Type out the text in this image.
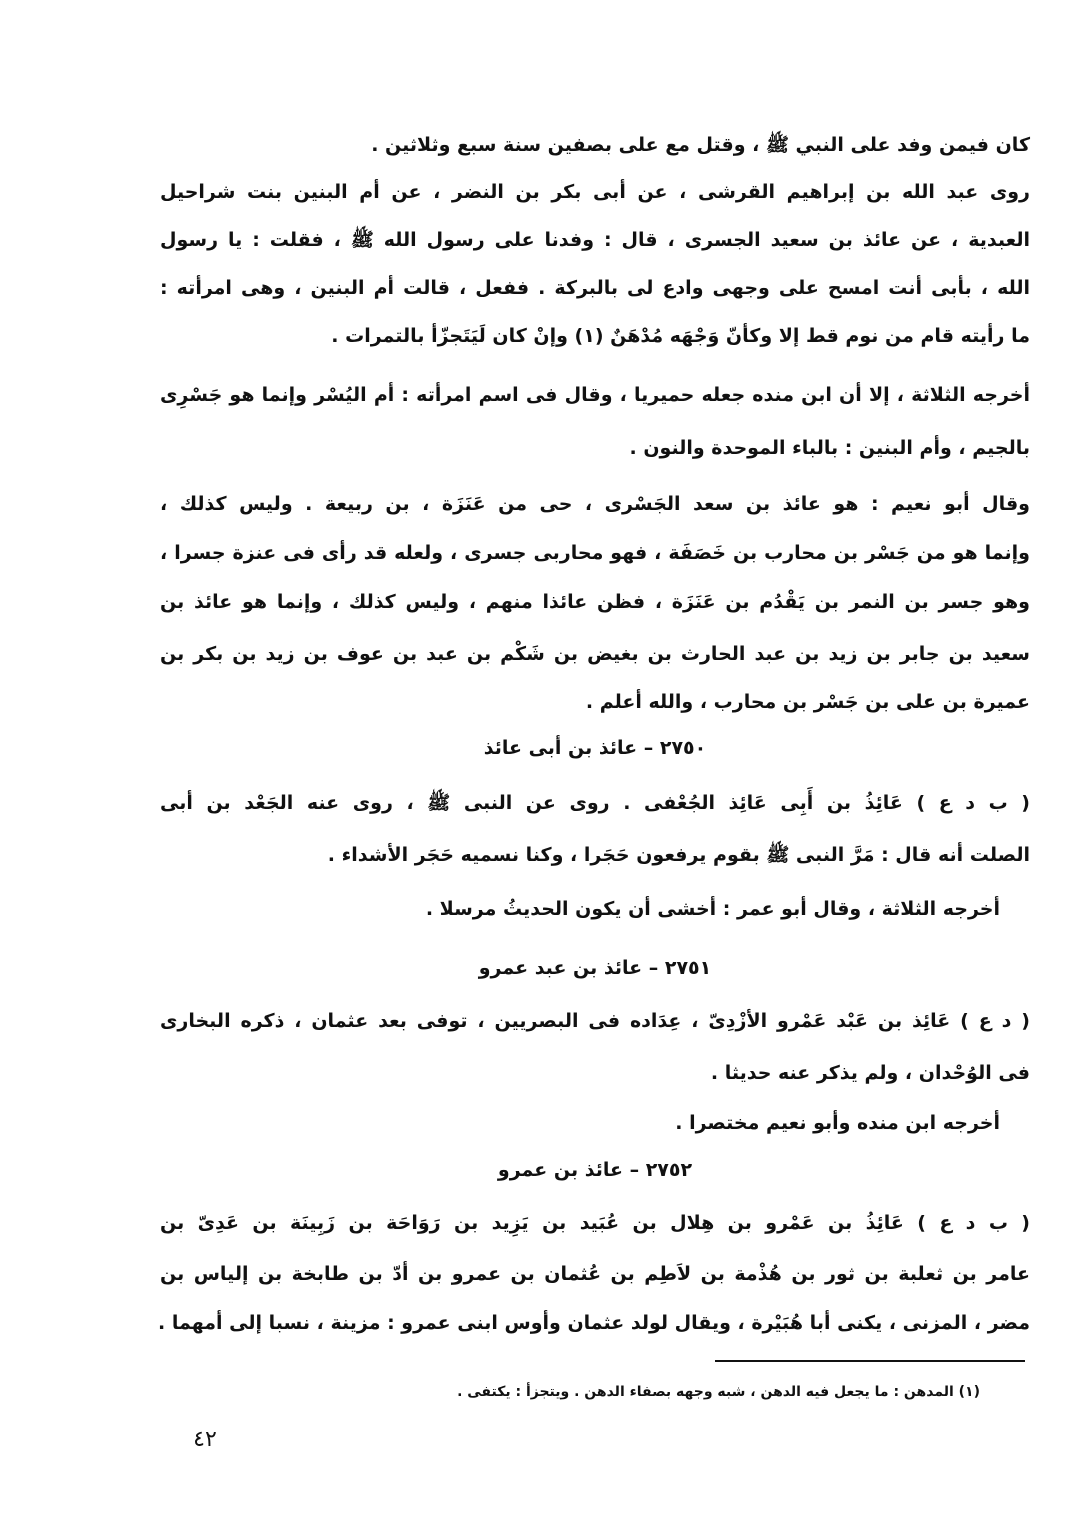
كان فيمن وفد على النبي ﷺ ، وقتل مع على بصفين سنة سبع وثلاثين .
روى عبد الله بن إبراهيم القرشى ، عن أبى بكر بن النضر ، عن أم البنين بنت شراحيل
العبدية ، عن عائذ بن سعيد الجسرى ، قال : وفدنا على رسول الله ﷺ ، فقلت : يا رسول
الله ، بأبى أنت امسح على وجهى وادع لى بالبركة . ففعل ، قالت أم البنين ، وهى امرأته :
ما رأيته قام من نوم قط إلا وكأنّ وَجْهَه مُدْهَنٌ (١) وإنْ كان لَيَتَجزّأ بالتمرات .
أخرجه الثلاثة ، إلا أن ابن منده جعله حميريا ، وقال فى اسم امرأته : أم اليُسْر وإنما هو جَسْرِى
بالجيم ، وأم البنين : بالباء الموحدة والنون .
وقال أبو نعيم : هو عائذ بن سعد الجَسْرى ، حى من عَنَزَة ، بن ربيعة . وليس كذلك ،
وإنما هو من جَسْر بن محارب بن خَصَفَة ، فهو محاربى جسرى ، ولعله قد رأى فى عنزة جسرا ،
وهو جسر بن النمر بن يَقْدُم بن عَنَزَة ، فظن عائذا منهم ، وليس كذلك ، وإنما هو عائذ بن
سعيد بن جابر بن زيد بن عبد الحارث بن بغيض بن شَكْم بن عبد بن عوف بن زيد بن بكر بن
عميرة بن على بن جَسْر بن محارب ، والله أعلم .
٢٧٥٠ – عائذ بن أبى عائذ
( ب د ع ) عَائِذُ بن أَبِى عَائِذ الجُعْفى . روى عن النبى ﷺ ، روى عنه الجَعْد بن أبى
الصلت أنه قال : مَرَّ النبى ﷺ بقوم يرفعون حَجَرا ، وكنا نسميه حَجَر الأشداء .
أخرجه الثلاثة ، وقال أبو عمر : أخشى أن يكون الحديثُ مرسلا .
٢٧٥١ – عائذ بن عبد عمرو
( د ع ) عَائِذ بن عَبْد عَمْرو الأزْدِىّ ، عِدَاده فى البصريين ، توفى بعد عثمان ، ذكره البخارى
فى الوُحْدان ، ولم يذكر عنه حديثا .
أخرجه ابن منده وأبو نعيم مختصرا .
٢٧٥٢ – عائذ بن عمرو
( ب د ع ) عَائِذُ بن عَمْرو بن هِلال بن عُبَيد بن يَزِيد بن رَوَاحَة بن زَبِينَة بن عَدِىّ بن
عامر بن ثعلبة بن ثور بن هُذْمة بن لاَطِم بن عُثمان بن عمرو بن أدّ بن طابخة بن إلياس بن
مضر ، المزنى ، يكنى أبا هُبَيْرة ، ويقال لولد عثمان وأوس ابنى عمرو : مزينة ، نسبا إلى أمهما .
(١) المدهن : ما يجعل فيه الدهن ، شبه وجهه بصفاء الدهن . ويتجزأ : يكتفى .
٤٢
